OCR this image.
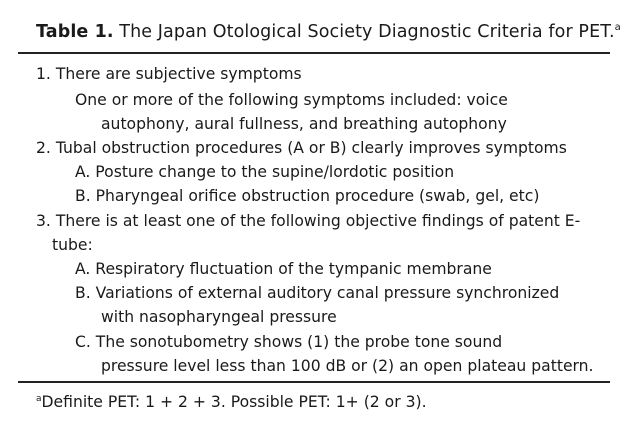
Table 1. The Japan Otological Society Diagnostic Criteria for PET.$^a$
1. There are subjective symptoms
One or more of the following symptoms included: voice
autophony, aural fullness, and breathing autophony
2. Tubal obstruction procedures (A or B) clearly improves symptoms
A. Posture change to the supine/lordotic position
B. Pharyngeal orifice obstruction procedure (swab, gel, etc)
3. There is at least one of the following objective findings of patent E-
tube:
A. Respiratory fluctuation of the tympanic membrane
B. Variations of external auditory canal pressure synchronized
with nasopharyngeal pressure
C. The sonotubometry shows (1) the probe tone sound
pressure level less than 100 dB or (2) an open plateau pattern.
$^a$Definite PET: 1 + 2 + 3. Possible PET: 1+ (2 or 3).
